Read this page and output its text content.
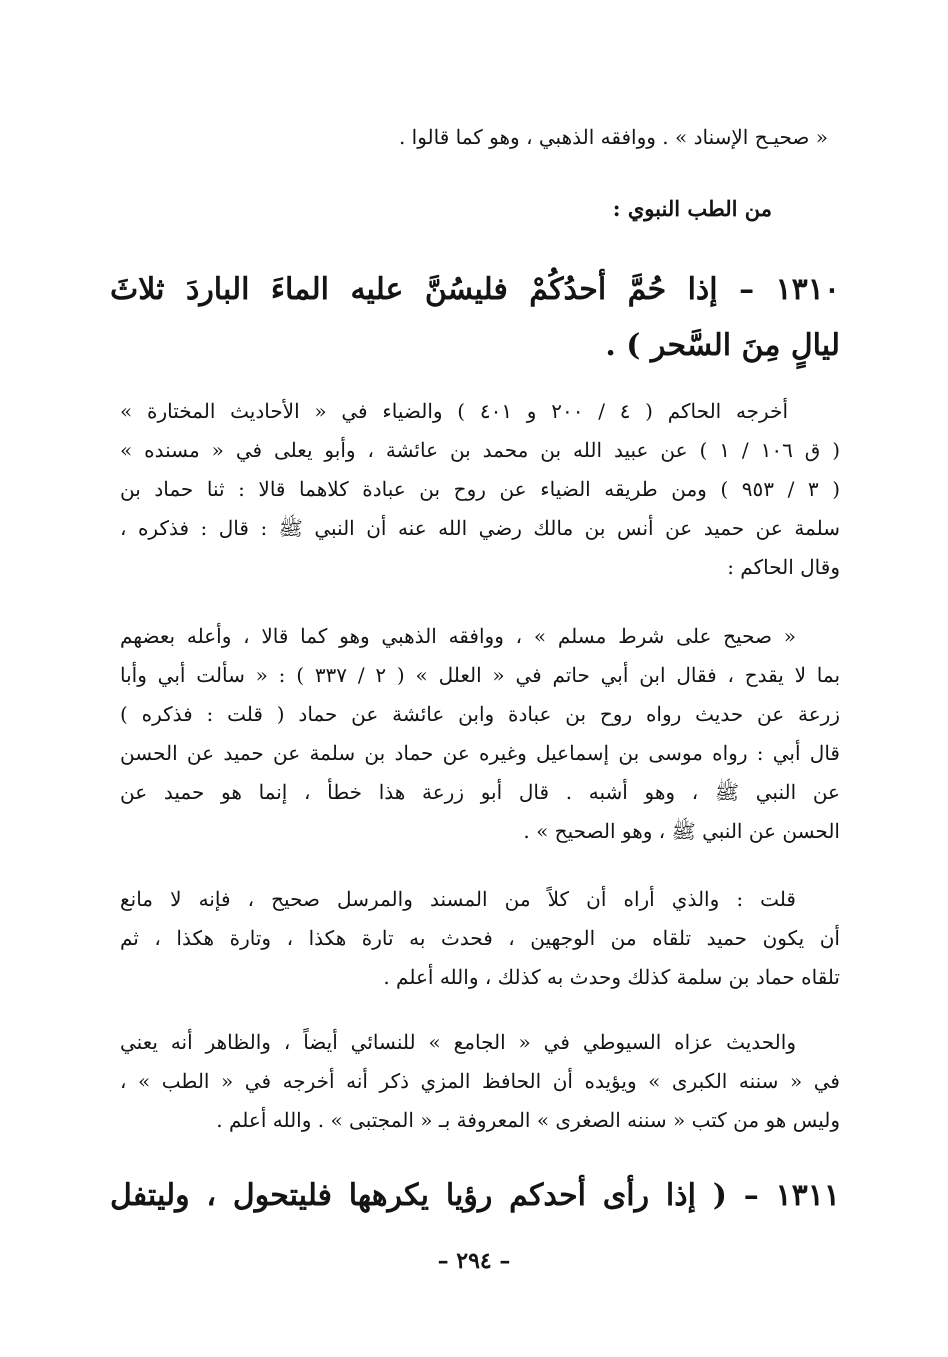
« صحيـح الإسناد » . ووافقه الذهبي ، وهو كما قالوا .

من الطب النبوي :

١٣١٠ – إذا حُمَّ أحدُكُمْ فليسُنَّ عليه الماءَ الباردَ ثلاثَ
ليالٍ مِنَ السَّحر ) .
أخرجه الحاكم ( ٤ / ٢٠٠ و ٤٠١ ) والضياء في « الأحاديث المختارة »
( ق ١٠٦ / ١ ) عن عبيد الله بن محمد بن عائشة ، وأبو يعلى في « مسنده »
( ٣ / ٩٥٣ ) ومن طريقه الضياء عن روح بن عبادة كلاهما قالا : ثنا حماد بن
سلمة عن حميد عن أنس بن مالك رضي الله عنه أن النبي ﷺ : قال : فذكره ،
وقال الحاكم :
« صحيح على شرط مسلم » ، ووافقه الذهبي وهو كما قالا ، وأعله بعضهم
بما لا يقدح ، فقال ابن أبي حاتم في « العلل » ( ٢ / ٣٣٧ ) : « سألت أبي وأبا
زرعة عن حديث رواه روح بن عبادة وابن عائشة عن حماد ( قلت : فذكره )
قال أبي : رواه موسى بن إسماعيل وغيره عن حماد بن سلمة عن حميد عن الحسن
عن النبي ﷺ ، وهو أشبه . قال أبو زرعة هذا خطأ ، إنما هو حميد عن
الحسن عن النبي ﷺ ، وهو الصحيح » .
قلت : والذي أراه أن كلاً من المسند والمرسل صحيح ، فإنه لا مانع
أن يكون حميد تلقاه من الوجهين ، فحدث به تارة هكذا ، وتارة هكذا ، ثم
تلقاه حماد بن سلمة كذلك وحدث به كذلك ، والله أعلم .
والحديث عزاه السيوطي في « الجامع » للنسائي أيضاً ، والظاهر أنه يعني
في « سننه الكبرى » ويؤيده أن الحافظ المزي ذكر أنه أخرجه في « الطب » ،
وليس هو من كتب « سننه الصغرى » المعروفة بـ « المجتبى » . والله أعلم .
١٣١١ – ( إذا رأى أحدكم رؤيا يكرهها فليتحول ، وليتفل
– ٢٩٤ –
